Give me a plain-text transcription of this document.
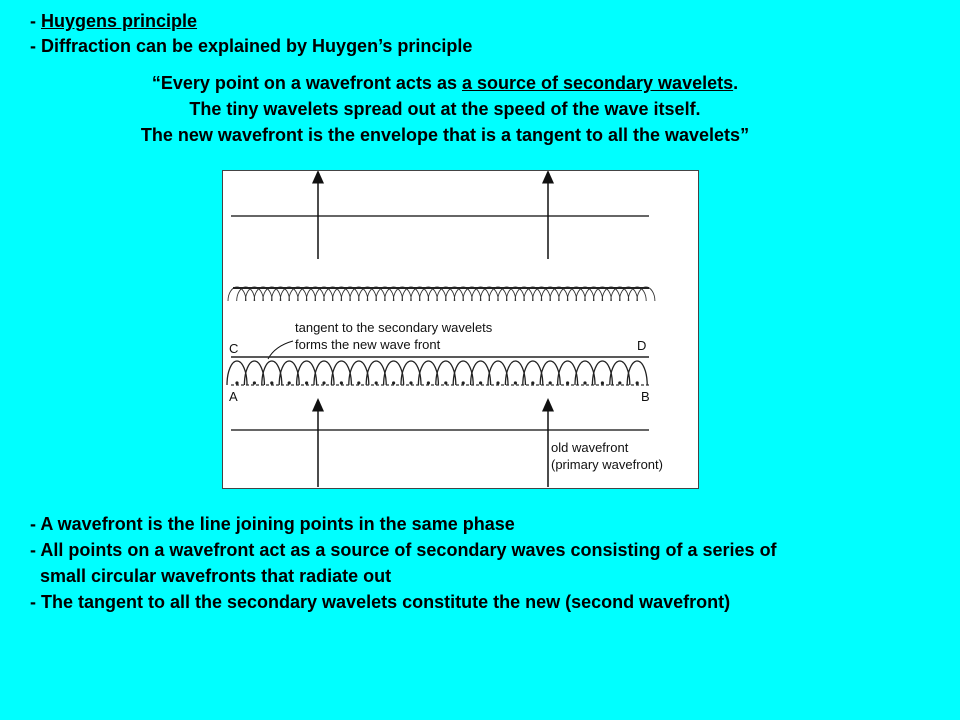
- Huygens principle
- Diffraction can be explained by Huygen’s principle
“Every point on a wavefront acts as a source of secondary wavelets.
The tiny wavelets spread out at the speed of the wave itself.
The new wavefront is the envelope that is a tangent to all the wavelets”
tangent to the secondary wavelets
forms the new wave front
C	D
A	B
old wavefront
(primary wavefront)
- A wavefront is the line joining points in the same phase
- All points on a wavefront act as a source of secondary waves consisting of a series of
small circular wavefronts that radiate out
- The tangent to all the secondary wavelets constitute the new (second wavefront)
